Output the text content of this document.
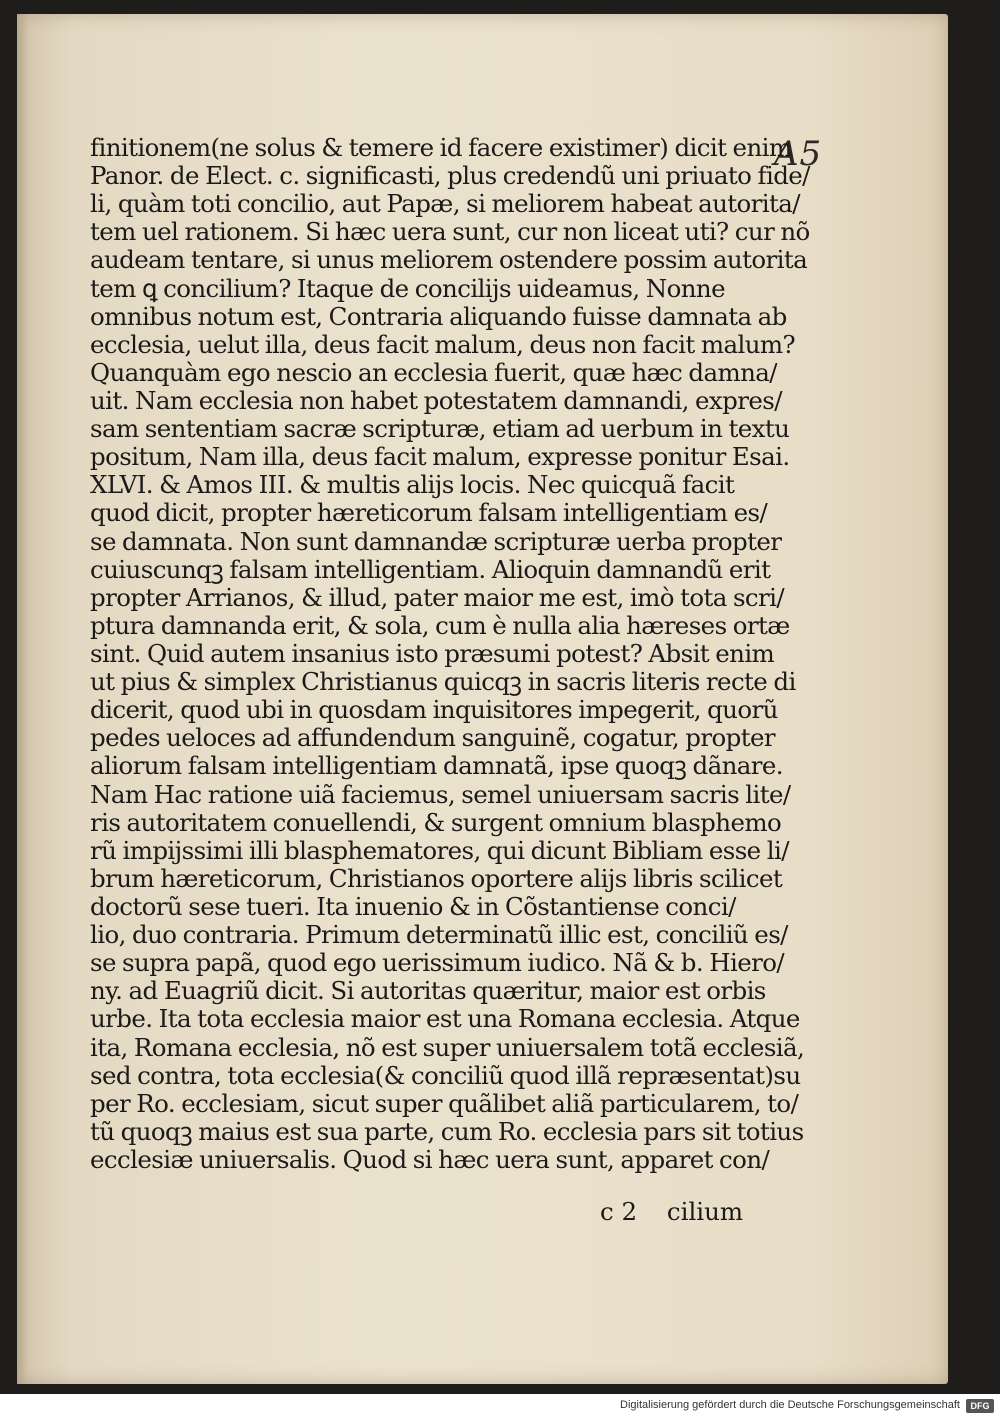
A5
finitionem(ne solus & temere id facere existimer) dicit enim
Panor. de Elect. c. significasti, plus credendũ uni priuato fide/
li, quàm toti concilio, aut Papæ, si meliorem habeat autorita/
tem uel rationem. Si hæc uera sunt, cur non liceat uti? cur nõ
audeam tentare, si unus meliorem ostendere possim autorita
tem ꝗ concilium? Itaque de concilijs uideamus, Nonne
omnibus notum est, Contraria aliquando fuisse damnata ab
ecclesia, uelut illa, deus facit malum, deus non facit malum?
Quanquàm ego nescio an ecclesia fuerit, quæ hæc damna/
uit. Nam ecclesia non habet potestatem damnandi, expres/
sam sententiam sacræ scripturæ, etiam ad uerbum in textu
positum, Nam illa, deus facit malum, expresse ponitur Esai.
XLVI. & Amos III. & multis alijs locis. Nec quicquã facit
quod dicit, propter hæreticorum falsam intelligentiam es/
se damnata. Non sunt damnandæ scripturæ uerba propter
cuiuscunqꝫ falsam intelligentiam. Alioquin damnandũ erit
propter Arrianos, & illud, pater maior me est, imò tota scri/
ptura damnanda erit, & sola, cum è nulla alia hæreses ortæ
sint. Quid autem insanius isto præsumi potest? Absit enim
ut pius & simplex Christianus quicqꝫ in sacris literis recte di
dicerit, quod ubi in quosdam inquisitores impegerit, quorũ
pedes ueloces ad affundendum sanguinẽ, cogatur, propter
aliorum falsam intelligentiam damnatã, ipse quoqꝫ dãnare.
Nam Hac ratione uiã faciemus, semel uniuersam sacris lite/
ris autoritatem conuellendi, & surgent omnium blasphemo
rũ impijssimi illi blasphematores, qui dicunt Bibliam esse li/
brum hæreticorum, Christianos oportere alijs libris scilicet
doctorũ sese tueri. Ita inuenio & in Cõstantiense conci/
lio, duo contraria. Primum determinatũ illic est, conciliũ es/
se supra papã, quod ego uerissimum iudico. Nã & b. Hiero/
ny. ad Euagriũ dicit. Si autoritas quæritur, maior est orbis
urbe. Ita tota ecclesia maior est una Romana ecclesia. Atque
ita, Romana ecclesia, nõ est super uniuersalem totã ecclesiã,
sed contra, tota ecclesia(& conciliũ quod illã repræsentat)su
per Ro. ecclesiam, sicut super quãlibet aliã particularem, to/
tũ quoqꝫ maius est sua parte, cum Ro. ecclesia pars sit totius
ecclesiæ uniuersalis. Quod si hæc uera sunt, apparet con/
c 2 cilium
Digitalisierung gefördert durch die Deutsche Forschungsgemeinschaft	DFG
